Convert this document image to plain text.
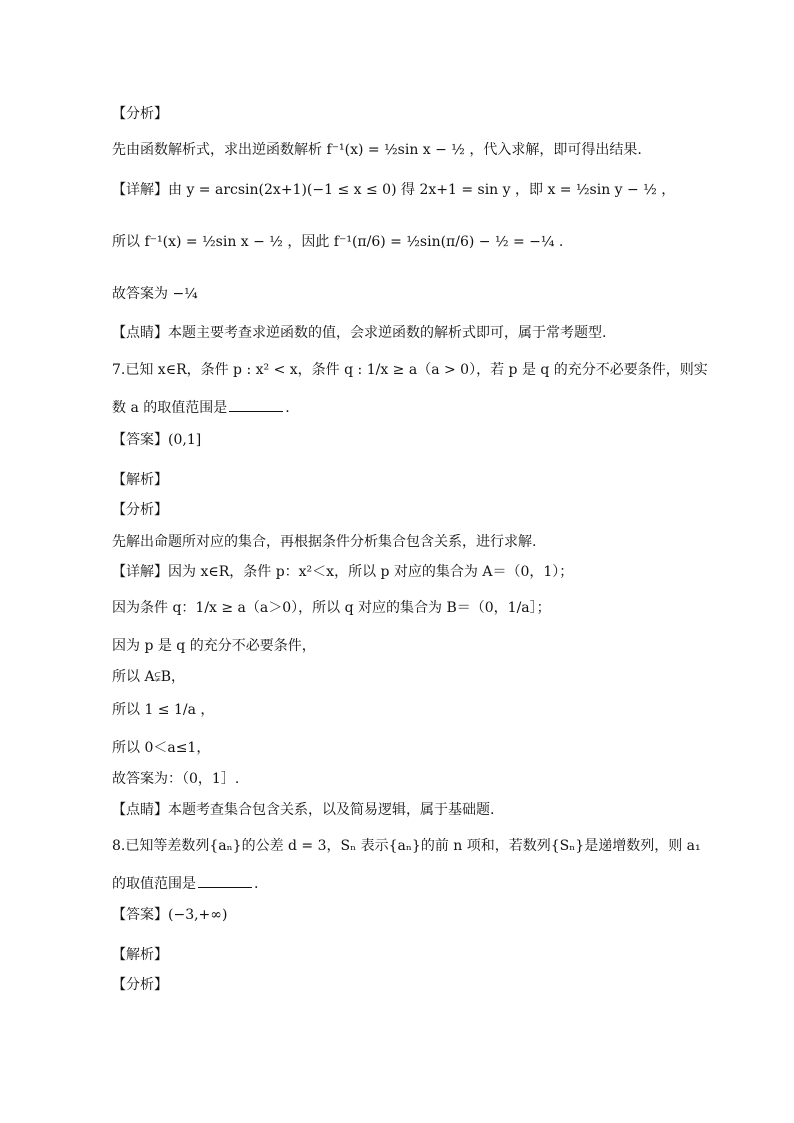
【分析】
先由函数解析式，求出逆函数解析 f⁻¹(x) = ½sin x − ½ ，代入求解，即可得出结果.
【详解】由 y = arcsin(2x+1)(−1 ≤ x ≤ 0) 得 2x+1 = sin y ，即 x = ½sin y − ½ ，
所以 f⁻¹(x) = ½sin x − ½ ，因此 f⁻¹(π/6) = ½sin(π/6) − ½ = −¼ .
故答案为 −¼
【点睛】本题主要考查求逆函数的值，会求逆函数的解析式即可，属于常考题型.
7.已知 x∈R，条件 p : x² < x，条件 q : 1/x ≥ a（a > 0），若 p 是 q 的充分不必要条件，则实
数 a 的取值范围是	.
【答案】(0,1]
【解析】
【分析】
先解出命题所对应的集合，再根据条件分析集合包含关系，进行求解.
【详解】因为 x∈R，条件 p：x²＜x，所以 p 对应的集合为 A＝（0，1）；
因为条件 q：1/x ≥ a（a＞0），所以 q 对应的集合为 B＝（0，1/a］；
因为 p 是 q 的充分不必要条件，
所以 A⫋B，
所以 1 ≤ 1/a ，
所以 0＜a≤1，
故答案为：（0，1］.
【点睛】本题考查集合包含关系，以及简易逻辑，属于基础题.
8.已知等差数列{aₙ}的公差 d = 3，Sₙ 表示{aₙ}的前 n 项和，若数列{Sₙ}是递增数列，则 a₁
的取值范围是	.
【答案】(−3,+∞)
【解析】
【分析】
